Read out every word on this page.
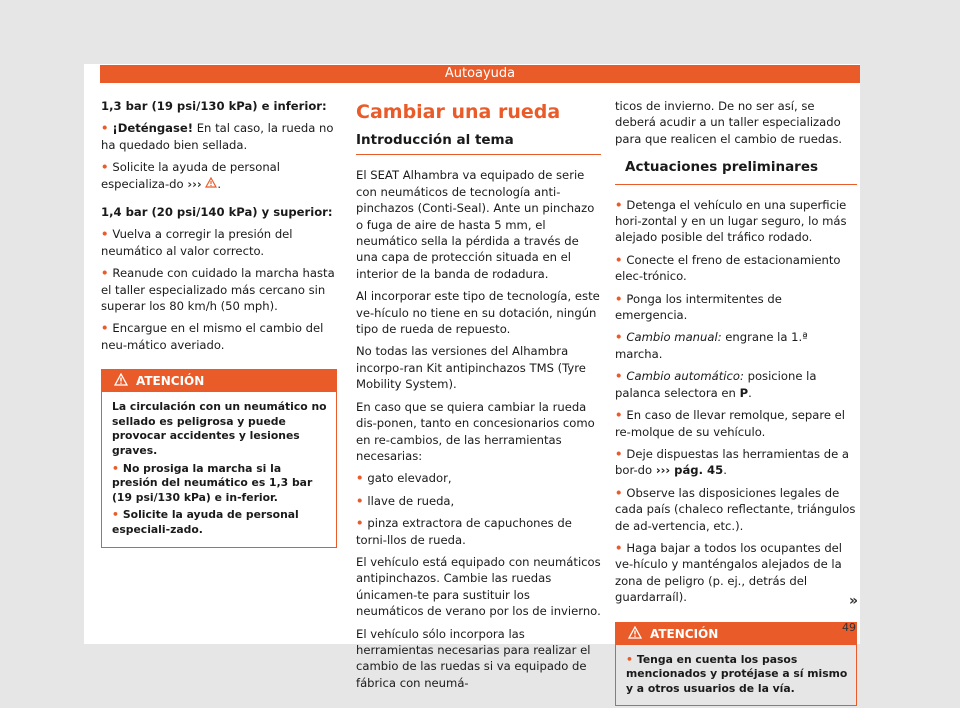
Autoayuda

1,3 bar (19 psi/130 kPa) e inferior:

• ¡Deténgase! En tal caso, la rueda no ha quedado bien sellada.

• Solicite la ayuda de personal especializa-do ››› .

1,4 bar (20 psi/140 kPa) y superior:

• Vuelva a corregir la presión del neumático al valor correcto.

• Reanude con cuidado la marcha hasta el taller especializado más cercano sin superar los 80 km/h (50 mph).

• Encargue en el mismo el cambio del neu-mático averiado.

ATENCIÓN

La circulación con un neumático no sellado es peligrosa y puede provocar accidentes y lesiones graves.

• No prosiga la marcha si la presión del neumático es 1,3 bar (19 psi/130 kPa) e in-ferior.

• Solicite la ayuda de personal especiali-zado.

Cambiar una rueda
Introducción al tema

El SEAT Alhambra va equipado de serie con neumáticos de tecnología anti-pinchazos (Conti-Seal). Ante un pinchazo o fuga de aire de hasta 5 mm, el neumático sella la pérdida a través de una capa de protección situada en el interior de la banda de rodadura.

Al incorporar este tipo de tecnología, este ve-hículo no tiene en su dotación, ningún tipo de rueda de repuesto.

No todas las versiones del Alhambra incorpo-ran Kit antipinchazos TMS (Tyre Mobility System).

En caso que se quiera cambiar la rueda dis-ponen, tanto en concesionarios como en re-cambios, de las herramientas necesarias:

• gato elevador,

• llave de rueda,

• pinza extractora de capuchones de torni-llos de rueda.

El vehículo está equipado con neumáticos antipinchazos. Cambie las ruedas únicamen-te para sustituir los neumáticos de verano por los de invierno.

El vehículo sólo incorpora las herramientas necesarias para realizar el cambio de las ruedas si va equipado de fábrica con neumá-

ticos de invierno. De no ser así, se deberá acudir a un taller especializado para que realicen el cambio de ruedas.

Actuaciones preliminares

• Detenga el vehículo en una superficie hori-zontal y en un lugar seguro, lo más alejado posible del tráfico rodado.

• Conecte el freno de estacionamiento elec-trónico.

• Ponga los intermitentes de emergencia.

• Cambio manual: engrane la 1.ª marcha.

• Cambio automático: posicione la palanca selectora en P.

• En caso de llevar remolque, separe el re-molque de su vehículo.

• Deje dispuestas las herramientas de a bor-do ››› pág. 45.

• Observe las disposiciones legales de cada país (chaleco reflectante, triángulos de ad-vertencia, etc.).

• Haga bajar a todos los ocupantes del ve-hículo y manténgalos alejados de la zona de peligro (p. ej., detrás del guardarraíl).

ATENCIÓN

• Tenga en cuenta los pasos mencionados y protéjase a sí mismo y a otros usuarios de la vía.

»
49
